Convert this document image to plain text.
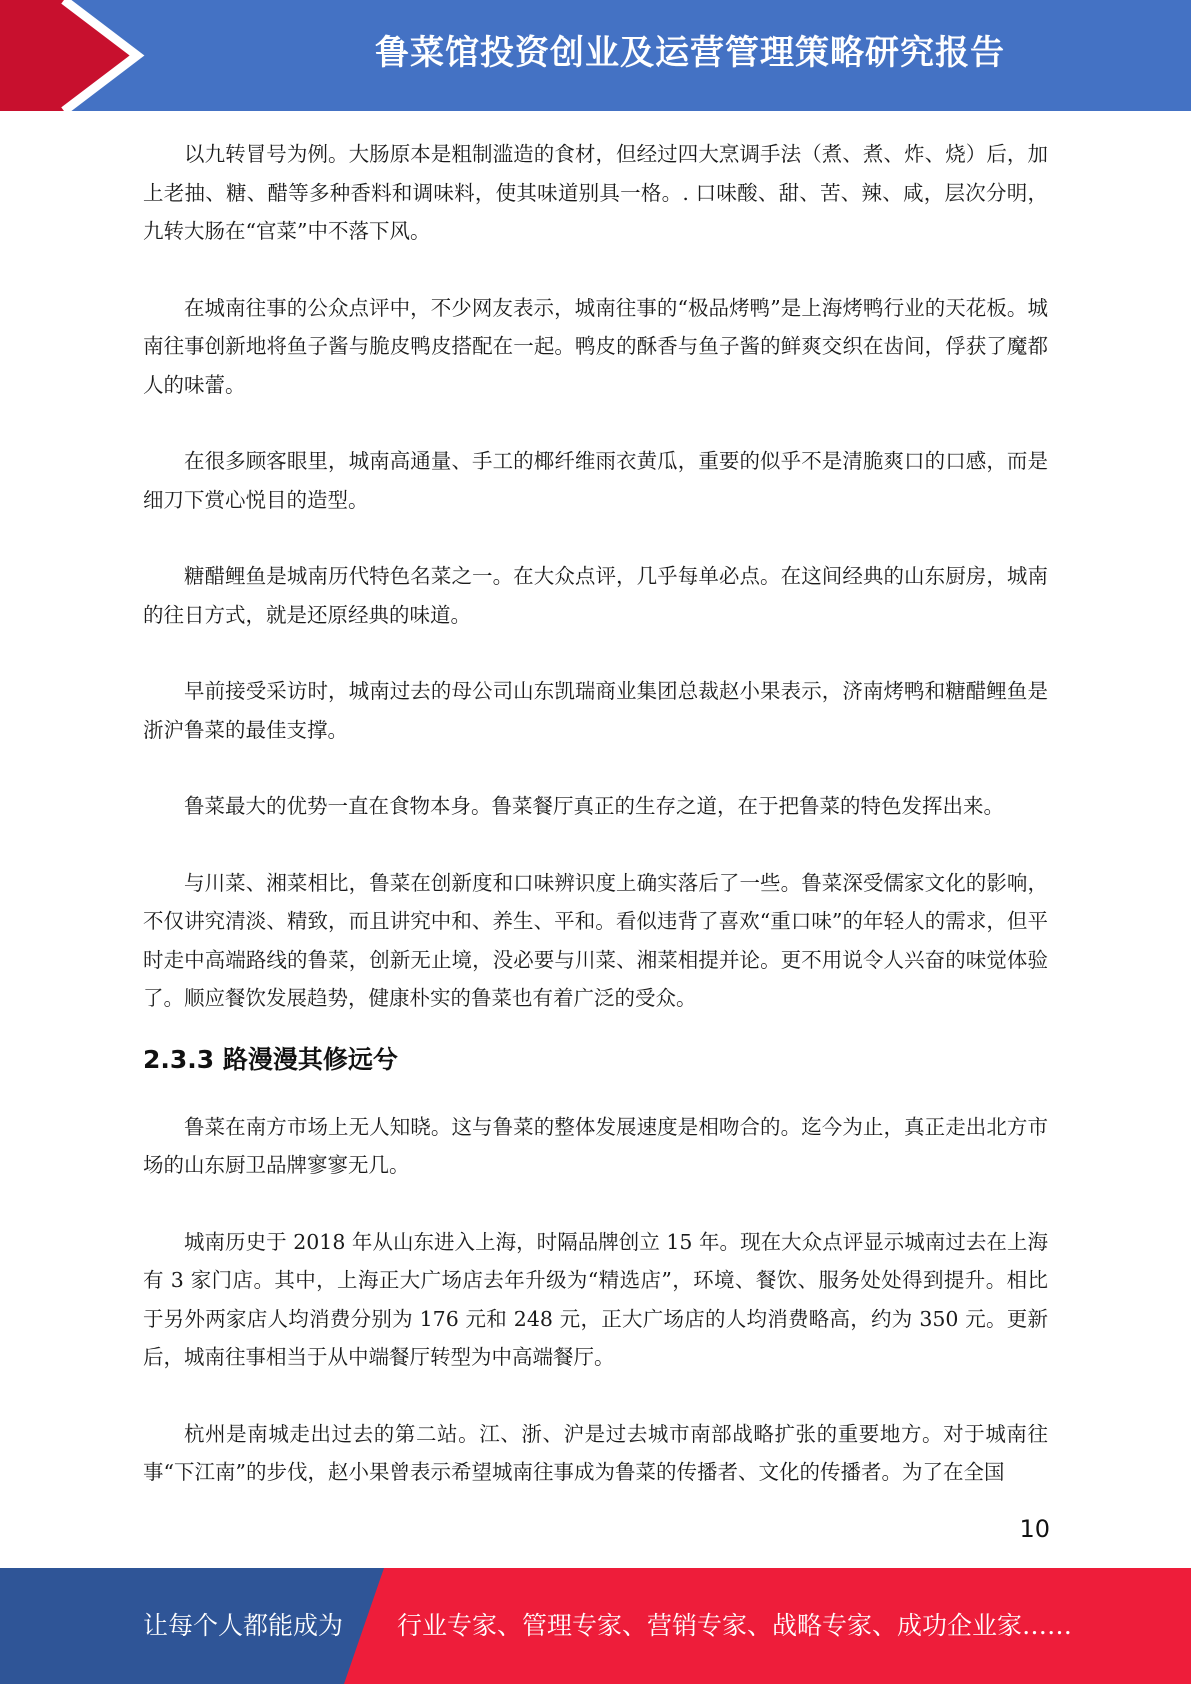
鲁菜馆投资创业及运营管理策略研究报告

以九转冒号为例。大肠原本是粗制滥造的食材，但经过四大烹调手法（煮、煮、炸、烧）后，加上老抽、糖、醋等多种香料和调味料，使其味道别具一格。. 口味酸、甜、苦、辣、咸，层次分明，九转大肠在“官菜”中不落下风。

在城南往事的公众点评中，不少网友表示，城南往事的“极品烤鸭”是上海烤鸭行业的天花板。城南往事创新地将鱼子酱与脆皮鸭皮搭配在一起。鸭皮的酥香与鱼子酱的鲜爽交织在齿间，俘获了魔都人的味蕾。

在很多顾客眼里，城南高通量、手工的椰纤维雨衣黄瓜，重要的似乎不是清脆爽口的口感，而是细刀下赏心悦目的造型。

糖醋鲤鱼是城南历代特色名菜之一。在大众点评，几乎每单必点。在这间经典的山东厨房，城南的往日方式，就是还原经典的味道。

早前接受采访时，城南过去的母公司山东凯瑞商业集团总裁赵小果表示，济南烤鸭和糖醋鲤鱼是浙沪鲁菜的最佳支撑。

鲁菜最大的优势一直在食物本身。鲁菜餐厅真正的生存之道，在于把鲁菜的特色发挥出来。

与川菜、湘菜相比，鲁菜在创新度和口味辨识度上确实落后了一些。鲁菜深受儒家文化的影响，不仅讲究清淡、精致，而且讲究中和、养生、平和。看似违背了喜欢“重口味”的年轻人的需求，但平时走中高端路线的鲁菜，创新无止境，没必要与川菜、湘菜相提并论。更不用说令人兴奋的味觉体验了。顺应餐饮发展趋势，健康朴实的鲁菜也有着广泛的受众。

2.3.3 路漫漫其修远兮

鲁菜在南方市场上无人知晓。这与鲁菜的整体发展速度是相吻合的。迄今为止，真正走出北方市场的山东厨卫品牌寥寥无几。

城南历史于 2018 年从山东进入上海，时隔品牌创立 15 年。现在大众点评显示城南过去在上海有 3 家门店。其中，上海正大广场店去年升级为“精选店”，环境、餐饮、服务处处得到提升。相比于另外两家店人均消费分别为 176 元和 248 元，正大广场店的人均消费略高，约为 350 元。更新后，城南往事相当于从中端餐厅转型为中高端餐厅。

杭州是南城走出过去的第二站。江、浙、沪是过去城市南部战略扩张的重要地方。对于城南往事“下江南”的步伐，赵小果曾表示希望城南往事成为鲁菜的传播者、文化的传播者。为了在全国

10
让每个人都能成为 行业专家、管理专家、营销专家、战略专家、成功企业家……
